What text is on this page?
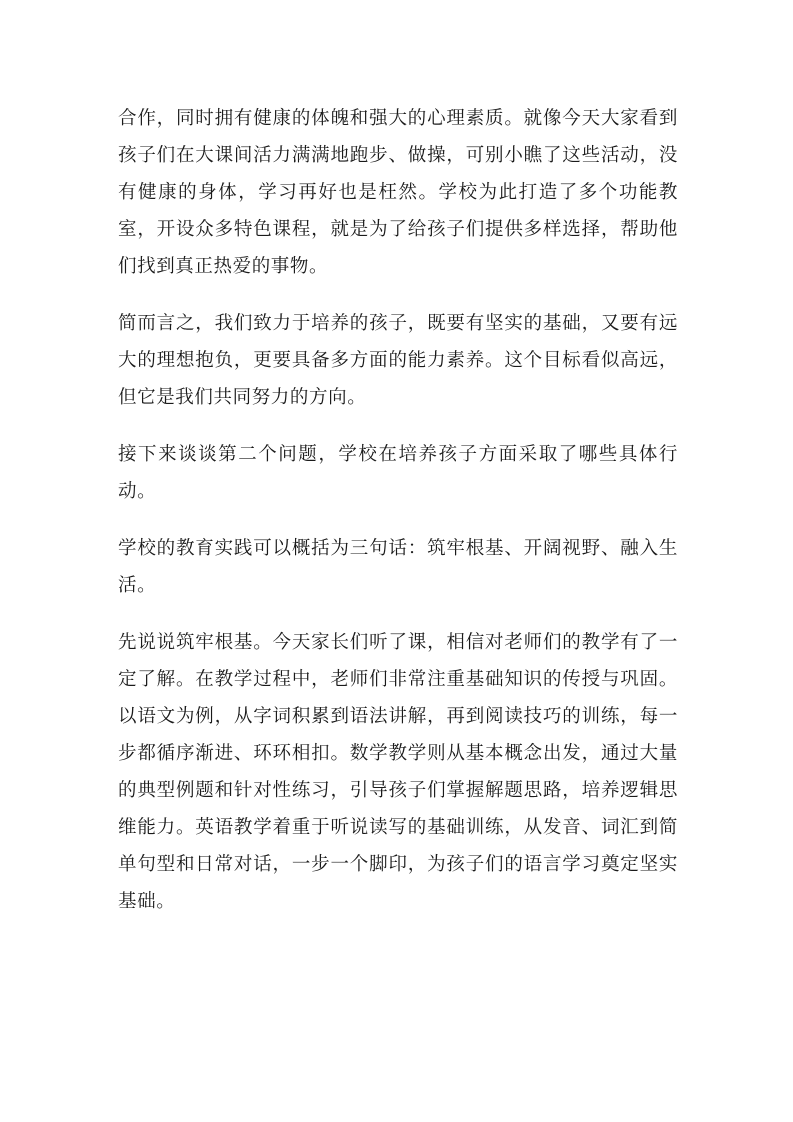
合作，同时拥有健康的体魄和强大的心理素质。就像今天大家看到孩子们在大课间活力满满地跑步、做操，可别小瞧了这些活动，没有健康的身体，学习再好也是枉然。学校为此打造了多个功能教室，开设众多特色课程，就是为了给孩子们提供多样选择，帮助他们找到真正热爱的事物。

简而言之，我们致力于培养的孩子，既要有坚实的基础，又要有远大的理想抱负，更要具备多方面的能力素养。这个目标看似高远，但它是我们共同努力的方向。

接下来谈谈第二个问题，学校在培养孩子方面采取了哪些具体行动。

学校的教育实践可以概括为三句话：筑牢根基、开阔视野、融入生活。

先说说筑牢根基。今天家长们听了课，相信对老师们的教学有了一定了解。在教学过程中，老师们非常注重基础知识的传授与巩固。以语文为例，从字词积累到语法讲解，再到阅读技巧的训练，每一步都循序渐进、环环相扣。数学教学则从基本概念出发，通过大量的典型例题和针对性练习，引导孩子们掌握解题思路，培养逻辑思维能力。英语教学着重于听说读写的基础训练，从发音、词汇到简单句型和日常对话，一步一个脚印，为孩子们的语言学习奠定坚实基础。
